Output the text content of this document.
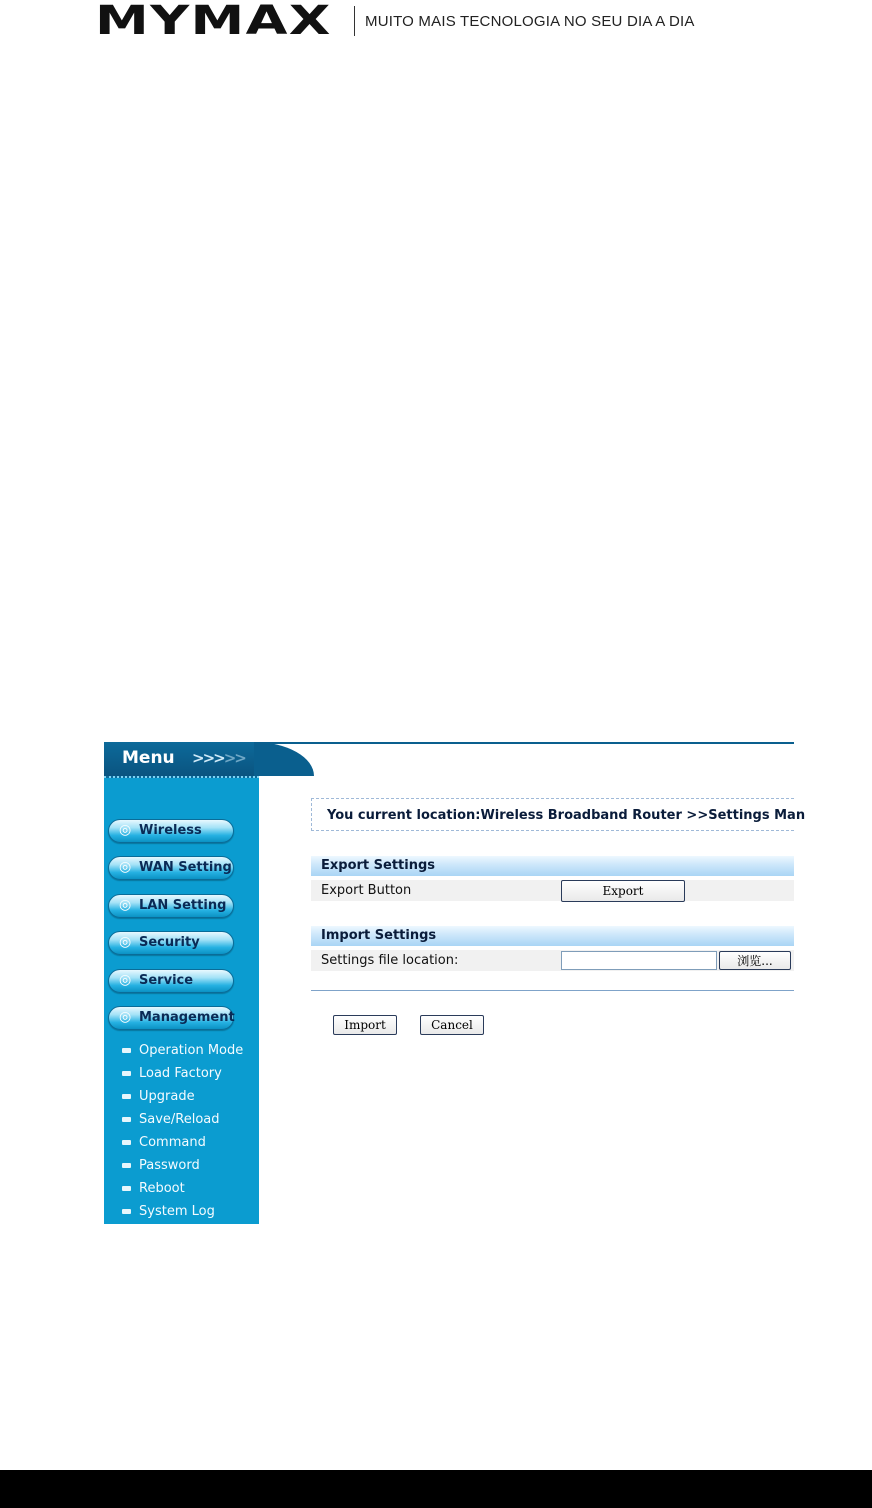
MYMAX	MUITO MAIS TECNOLOGIA NO SEU DIA A DIA
Menu >>>>>
◎ Wireless
◎ WAN Setting
◎ LAN Setting
◎ Security
◎ Service
◎ Management
Operation Mode
Load Factory
Upgrade
Save/Reload
Command
Password
Reboot
System Log
You current location:Wireless Broadband Router >>Settings Man
Export Settings
Export Button	Export
Import Settings
Settings file location:	浏览...
Import	Cancel
